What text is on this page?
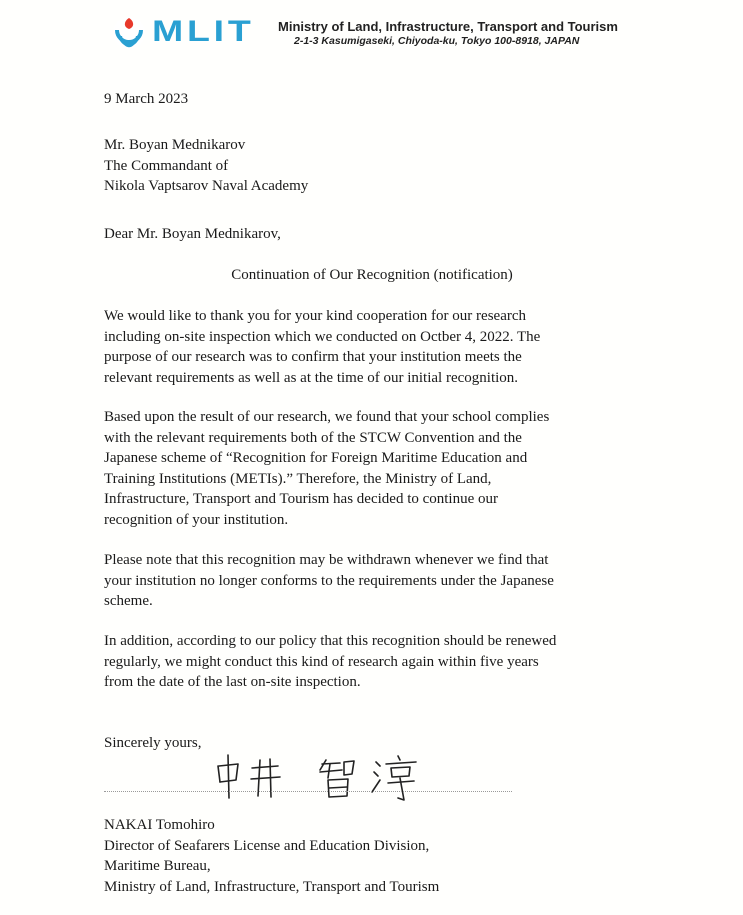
MLIT Ministry of Land, Infrastructure, Transport and Tourism
2-1-3 Kasumigaseki, Chiyoda-ku, Tokyo 100-8918, JAPAN
9 March 2023
Mr. Boyan Mednikarov
The Commandant of
Nikola Vaptsarov Naval Academy
Dear Mr. Boyan Mednikarov,
Continuation of Our Recognition (notification)
We would like to thank you for your kind cooperation for our research
including on-site inspection which we conducted on Octber 4, 2022. The
purpose of our research was to confirm that your institution meets the
relevant requirements as well as at the time of our initial recognition.
Based upon the result of our research, we found that your school complies
with the relevant requirements both of the STCW Convention and the
Japanese scheme of “Recognition for Foreign Maritime Education and
Training Institutions (METIs).” Therefore, the Ministry of Land,
Infrastructure, Transport and Tourism has decided to continue our
recognition of your institution.
Please note that this recognition may be withdrawn whenever we find that
your institution no longer conforms to the requirements under the Japanese
scheme.
In addition, according to our policy that this recognition should be renewed
regularly, we might conduct this kind of research again within five years
from the date of the last on-site inspection.
Sincerely yours,
NAKAI Tomohiro
Director of Seafarers License and Education Division,
Maritime Bureau,
Ministry of Land, Infrastructure, Transport and Tourism
